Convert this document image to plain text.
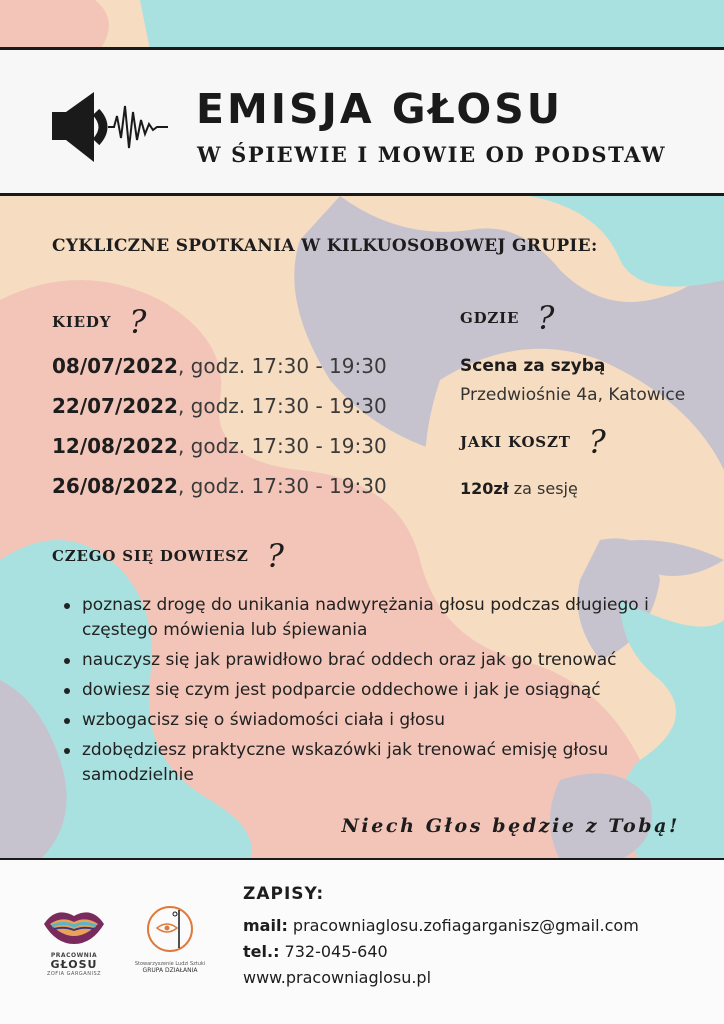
EMISJA GŁOSU
W ŚPIEWIE I MOWIE OD PODSTAW
CYKLICZNE SPOTKANIA W KILKUOSOBOWEJ GRUPIE:
KIEDY ?
08/07/2022, godz. 17:30 - 19:30
22/07/2022, godz. 17:30 - 19:30
12/08/2022, godz. 17:30 - 19:30
26/08/2022, godz. 17:30 - 19:30
GDZIE ?
Scena za szybą
Przedwiośnie 4a, Katowice
JAKI KOSZT ?
120zł za sesję
CZEGO SIĘ DOWIESZ ?
poznasz drogę do unikania nadwyrężania głosu podczas długiego i częstego mówienia lub śpiewania
nauczysz się jak prawidłowo brać oddech oraz jak go trenować
dowiesz się czym jest podparcie oddechowe i jak je osiągnąć
wzbogacisz się o świadomości ciała i głosu
zdobędziesz praktyczne wskazówki jak trenować emisję głosu samodzielnie
Niech Głos będzie z Tobą!
PRACOWNIA
GŁOSU
ZOFIA GARGANISZ
Stowarzyszenie Ludzi Sztuki
GRUPA DZIAŁANIA
ZAPISY:
mail: pracowniaglosu.zofiagarganisz@gmail.com
tel.: 732-045-640
www.pracowniaglosu.pl
